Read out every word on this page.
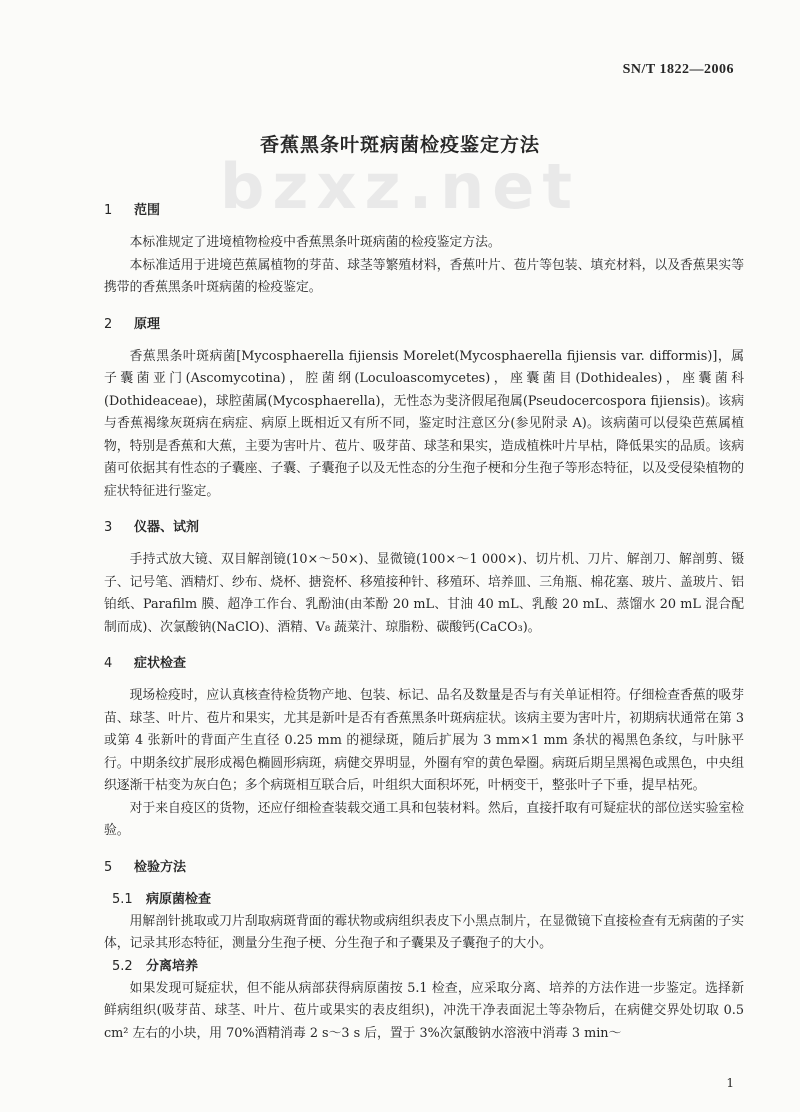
bzxz.net
SN/T 1822—2006
香蕉黑条叶斑病菌检疫鉴定方法
1 范围

本标准规定了进境植物检疫中香蕉黑条叶斑病菌的检疫鉴定方法。

本标准适用于进境芭蕉属植物的芽苗、球茎等繁殖材料，香蕉叶片、苞片等包装、填充材料，以及香蕉果实等携带的香蕉黑条叶斑病菌的检疫鉴定。

2 原理

香蕉黑条叶斑病菌[Mycosphaerella fijiensis Morelet(Mycosphaerella fijiensis var. difformis)]，属子囊菌亚门(Ascomycotina)，腔菌纲(Loculoascomycetes)，座囊菌目(Dothideales)，座囊菌科(Dothideaceae)，球腔菌属(Mycosphaerella)，无性态为斐济假尾孢属(Pseudocercospora fijiensis)。该病与香蕉褐缘灰斑病在病症、病原上既相近又有所不同，鉴定时注意区分(参见附录 A)。该病菌可以侵染芭蕉属植物，特别是香蕉和大蕉，主要为害叶片、苞片、吸芽苗、球茎和果实，造成植株叶片早枯，降低果实的品质。该病菌可依据其有性态的子囊座、子囊、子囊孢子以及无性态的分生孢子梗和分生孢子等形态特征，以及受侵染植物的症状特征进行鉴定。

3 仪器、试剂

手持式放大镜、双目解剖镜(10×～50×)、显微镜(100×～1 000×)、切片机、刀片、解剖刀、解剖剪、镊子、记号笔、酒精灯、纱布、烧杯、搪瓷杯、移殖接种针、移殖环、培养皿、三角瓶、棉花塞、玻片、盖玻片、铝铂纸、Parafilm 膜、超净工作台、乳酚油(由苯酚 20 mL、甘油 40 mL、乳酸 20 mL、蒸馏水 20 mL 混合配制而成)、次氯酸钠(NaClO)、酒精、V₈ 蔬菜汁、琼脂粉、碳酸钙(CaCO₃)。

4 症状检查

现场检疫时，应认真核查待检货物产地、包装、标记、品名及数量是否与有关单证相符。仔细检查香蕉的吸芽苗、球茎、叶片、苞片和果实，尤其是新叶是否有香蕉黑条叶斑病症状。该病主要为害叶片，初期病状通常在第 3 或第 4 张新叶的背面产生直径 0.25 mm 的褪绿斑，随后扩展为 3 mm×1 mm 条状的褐黑色条纹，与叶脉平行。中期条纹扩展形成褐色椭圆形病斑，病健交界明显，外圈有窄的黄色晕圈。病斑后期呈黑褐色或黑色，中央组织逐渐干枯变为灰白色；多个病斑相互联合后，叶组织大面积坏死，叶柄变干，整张叶子下垂，提早枯死。

对于来自疫区的货物，还应仔细检查装载交通工具和包装材料。然后，直接扦取有可疑症状的部位送实验室检验。

5 检验方法
5.1 病原菌检查

用解剖针挑取或刀片刮取病斑背面的霉状物或病组织表皮下小黑点制片，在显微镜下直接检查有无病菌的子实体，记录其形态特征，测量分生孢子梗、分生孢子和子囊果及子囊孢子的大小。

5.2 分离培养

如果发现可疑症状，但不能从病部获得病原菌按 5.1 检查，应采取分离、培养的方法作进一步鉴定。选择新鲜病组织(吸芽苗、球茎、叶片、苞片或果实的表皮组织)，冲洗干净表面泥土等杂物后，在病健交界处切取 0.5 cm² 左右的小块，用 70%酒精消毒 2 s～3 s 后，置于 3%次氯酸钠水溶液中消毒 3 min～

1
